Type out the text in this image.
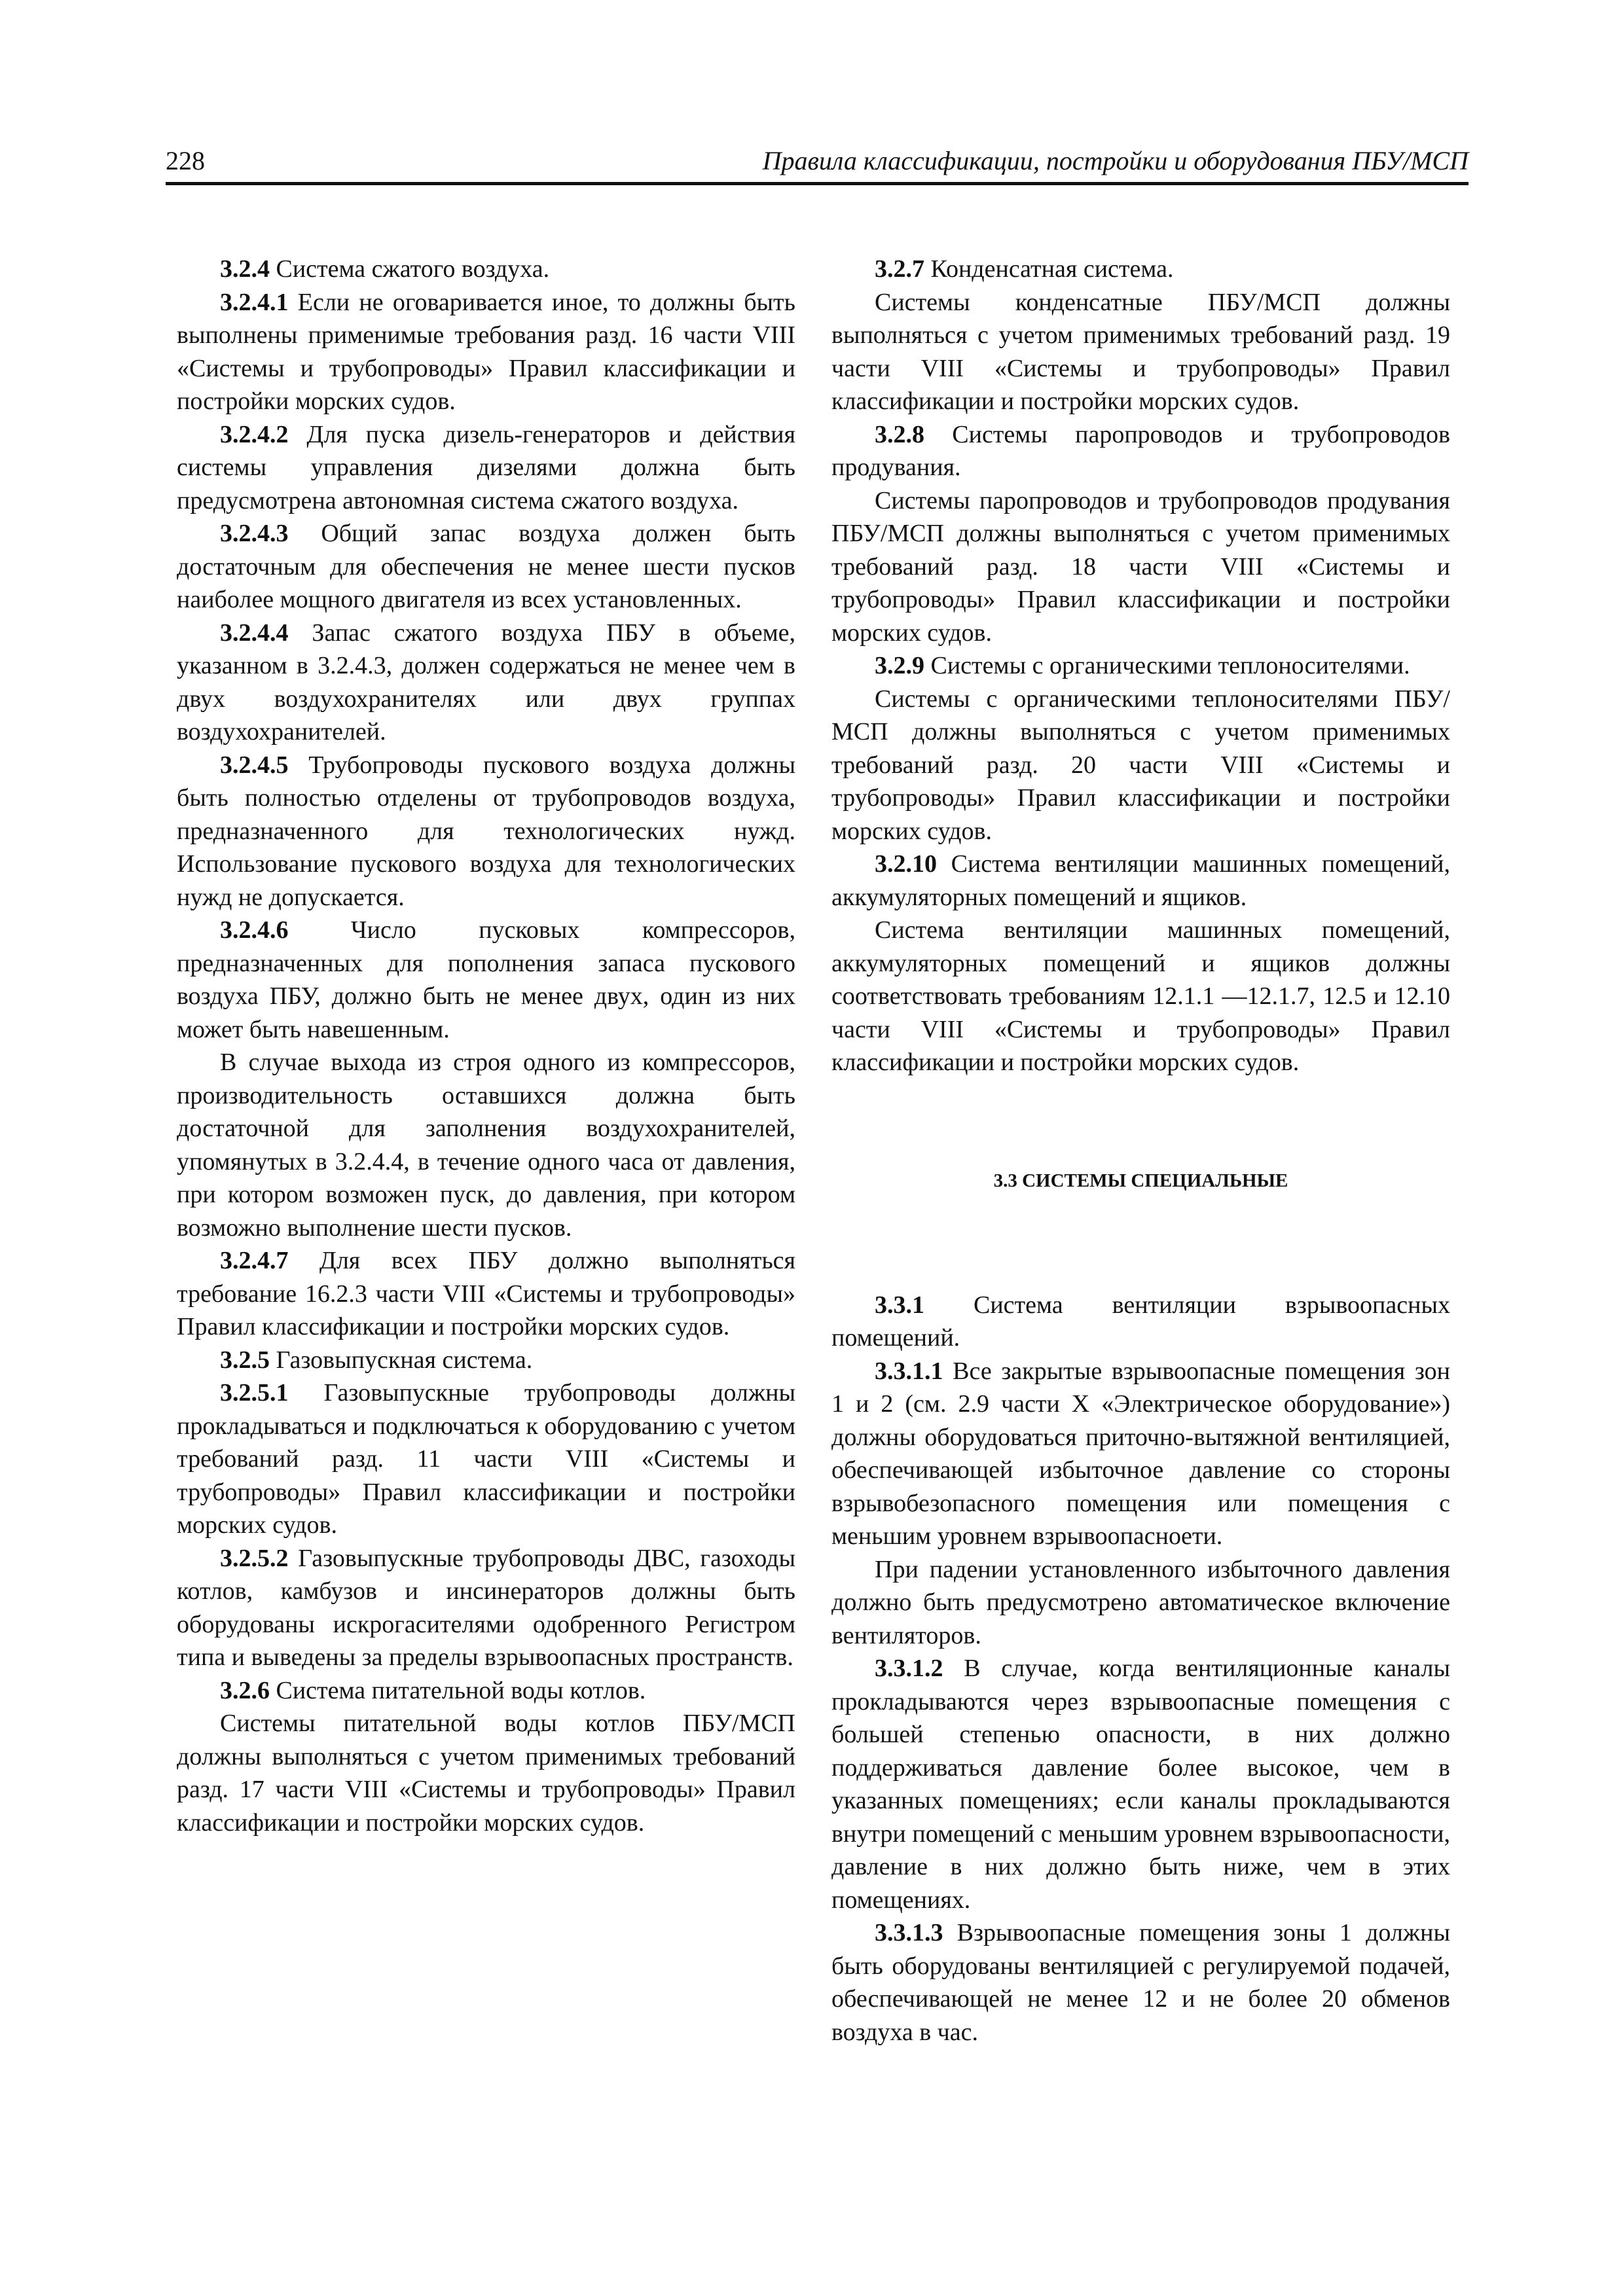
228	Правила классификации, постройки и оборудования ПБУ/МСП

3.2.4 Система сжатого воздуха.

3.2.4.1 Если не оговаривается иное, то должны быть выполнены применимые требования разд. 16 части VIII «Системы и трубопроводы» Правил классификации и постройки морских судов.

3.2.4.2 Для пуска дизель-генераторов и действия системы управления дизелями должна быть предусмотрена автономная система сжатого воздуха.

3.2.4.3 Общий запас воздуха должен быть достаточным для обеспечения не менее шести пусков наиболее мощного двигателя из всех установленных.

3.2.4.4 Запас сжатого воздуха ПБУ в объеме, указанном в 3.2.4.3, должен содержаться не менее чем в двух воздухохранителях или двух группах воздухохранителей.

3.2.4.5 Трубопроводы пускового воздуха должны быть полностью отделены от трубопроводов воздуха, предназначенного для технологических нужд. Использование пускового воздуха для технологических нужд не допускается.

3.2.4.6 Число пусковых компрессоров, предназначенных для пополнения запаса пускового воздуха ПБУ, должно быть не менее двух, один из них может быть навешенным.

В случае выхода из строя одного из компрессоров, производительность оставшихся должна быть достаточной для заполнения воздухохранителей, упомянутых в 3.2.4.4, в течение одного часа от давления, при котором возможен пуск, до давления, при котором возможно выполнение шести пусков.

3.2.4.7 Для всех ПБУ должно выполняться требование 16.2.3 части VIII «Системы и трубопроводы» Правил классификации и постройки морских судов.

3.2.5 Газовыпускная система.

3.2.5.1 Газовыпускные трубопроводы должны прокладываться и подключаться к оборудованию с учетом требований разд. 11 части VIII «Системы и трубопроводы» Правил классификации и постройки морских судов.

3.2.5.2 Газовыпускные трубопроводы ДВС, газоходы котлов, камбузов и инсинераторов должны быть оборудованы искрогасителями одобренного Регистром типа и выведены за пределы взрывоопасных пространств.

3.2.6 Система питательной воды котлов.

Системы питательной воды котлов ПБУ/МСП должны выполняться с учетом применимых требований разд. 17 части VIII «Системы и трубопроводы» Правил классификации и постройки морских судов.

3.2.7 Конденсатная система.

Системы конденсатные ПБУ/МСП должны выполняться с учетом применимых требований разд. 19 части VIII «Системы и трубопроводы» Правил классификации и постройки морских судов.

3.2.8 Системы паропроводов и трубопроводов продувания.

Системы паропроводов и трубопроводов продувания ПБУ/МСП должны выполняться с учетом применимых требований разд. 18 части VIII «Системы и трубопроводы» Правил классификации и постройки морских судов.

3.2.9 Системы с органическими теплоносителями.

Системы с органическими теплоносителями ПБУ/МСП должны выполняться с учетом применимых требований разд. 20 части VIII «Системы и трубопроводы» Правил классификации и постройки морских судов.

3.2.10 Система вентиляции машинных помещений, аккумуляторных помещений и ящиков.

Система вентиляции машинных помещений, аккумуляторных помещений и ящиков должны соответствовать требованиям 12.1.1 —12.1.7, 12.5 и 12.10 части VIII «Системы и трубопроводы» Правил классификации и постройки морских судов.

3.3 СИСТЕМЫ СПЕЦИАЛЬНЫЕ

3.3.1 Система вентиляции взрывоопасных помещений.

3.3.1.1 Все закрытые взрывоопасные помещения зон 1 и 2 (см. 2.9 части X «Электрическое оборудование») должны оборудоваться приточно-вытяжной вентиляцией, обеспечивающей избыточное давление со стороны взрывобезопасного помещения или помещения с меньшим уровнем взрывоопаснoети.

При падении установленного избыточного давления должно быть предусмотрено автоматическое включение вентиляторов.

3.3.1.2 В случае, когда вентиляционные каналы прокладываются через взрывоопасные помещения с большей степенью опасности, в них должно поддерживаться давление более высокое, чем в указанных помещениях; если каналы прокладываются внутри помещений с меньшим уровнем взрывоопасности, давление в них должно быть ниже, чем в этих помещениях.

3.3.1.3 Взрывоопасные помещения зоны 1 должны быть оборудованы вентиляцией с регулируемой подачей, обеспечивающей не менее 12 и не более 20 обменов воздуха в час.
